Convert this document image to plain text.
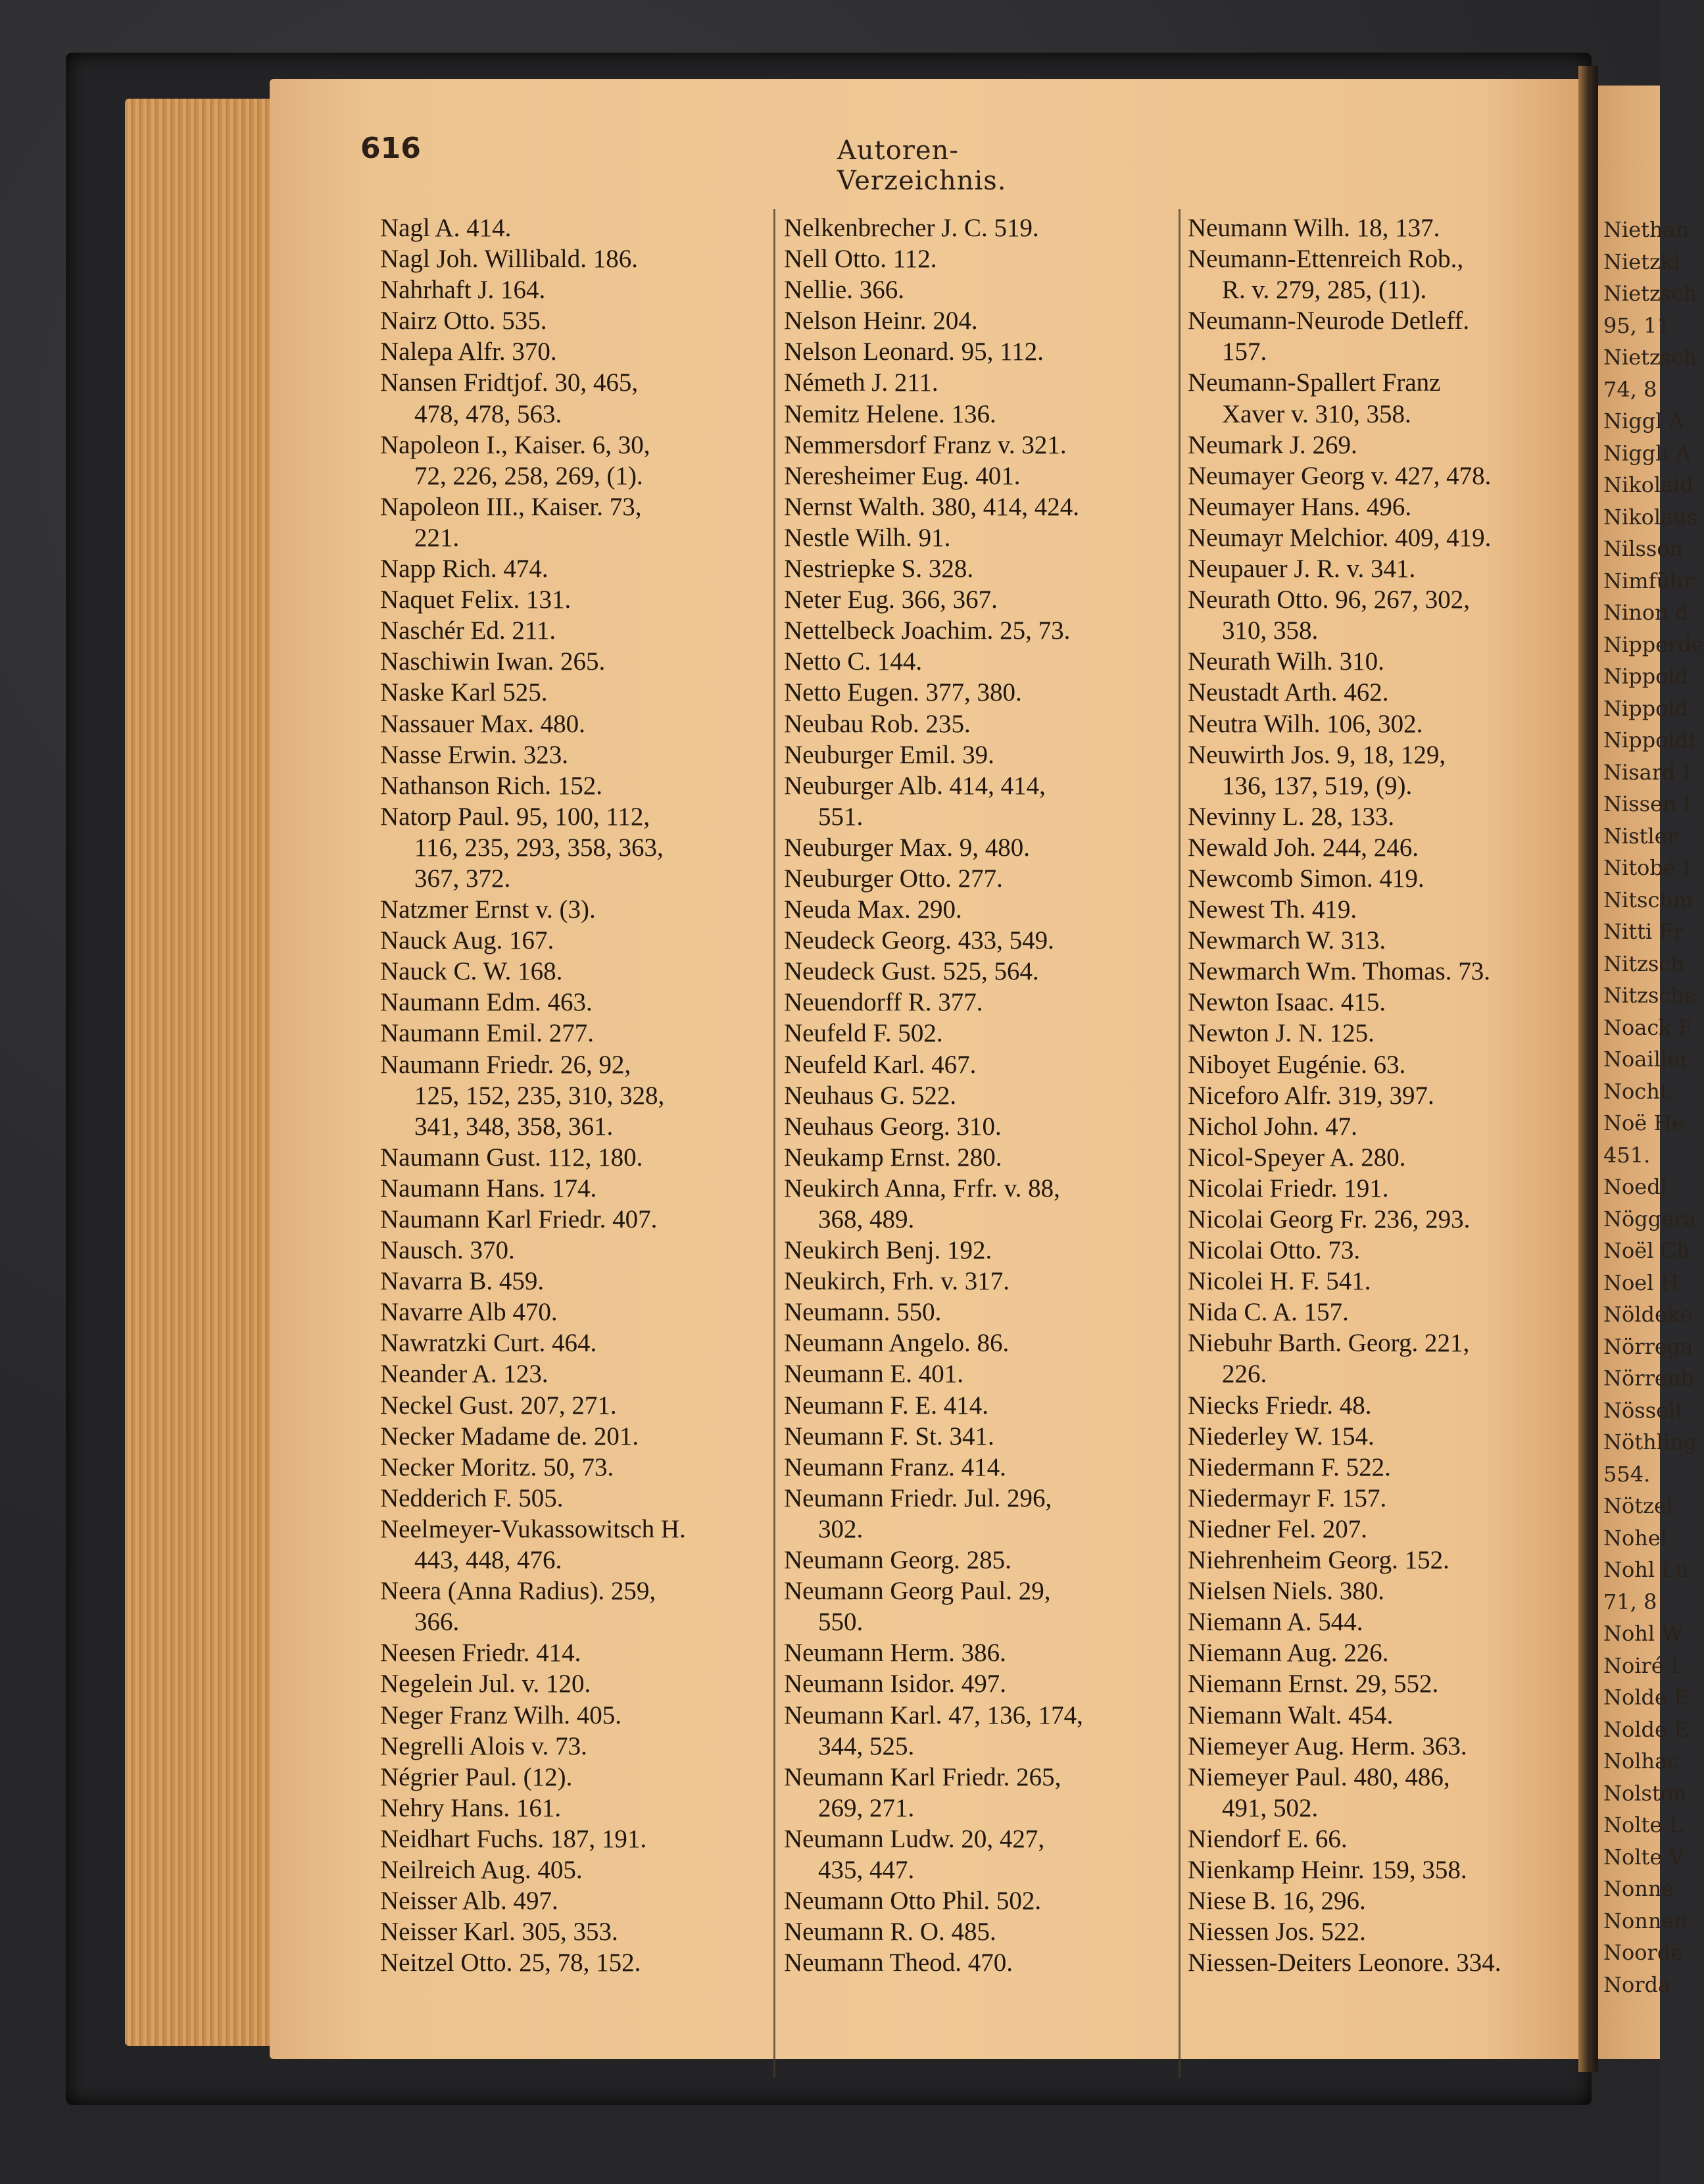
Niethan
Nietzki
Nietzsch
95, 11
Nietzsch
74, 8
Niggl A
Niggli A
Nikolaid
Nikolaus
Nilsson
Nimführ
Ninon d
Nipperde
Nippold
Nippold
Nippoldt
Nisard I
Nissen I
Nistler
Nitobé I
Nitschm
Nitti Fr
Nitzsch
Nitzsche
Noack F
Noailler
Nocht.
Noë He
451.
Noedl
Nöggera
Noël Ch
Noel H
Nöldeke
Nörrega
Nörrenb
Nösselt
Nöthling
554.
Nötzel
Nohel
Nohl Lu
71, 8
Nohl W
Noiré L
Nolde E
Nolde E
Nolhac
Nolston
Nolte L
Nolte V
Nonne
Nonnen
Noorde
Norda
616	Autoren-Verzeichnis.
Nagl A. 414.
Nagl Joh. Willibald. 186.
Nahrhaft J. 164.
Nairz Otto. 535.
Nalepa Alfr. 370.
Nansen Fridtjof. 30, 465,
478, 478, 563.
Napoleon I., Kaiser. 6, 30,
72, 226, 258, 269, (1).
Napoleon III., Kaiser. 73,
221.
Napp Rich. 474.
Naquet Felix. 131.
Naschér Ed. 211.
Naschiwin Iwan. 265.
Naske Karl 525.
Nassauer Max. 480.
Nasse Erwin. 323.
Nathanson Rich. 152.
Natorp Paul. 95, 100, 112,
116, 235, 293, 358, 363,
367, 372.
Natzmer Ernst v. (3).
Nauck Aug. 167.
Nauck C. W. 168.
Naumann Edm. 463.
Naumann Emil. 277.
Naumann Friedr. 26, 92,
125, 152, 235, 310, 328,
341, 348, 358, 361.
Naumann Gust. 112, 180.
Naumann Hans. 174.
Naumann Karl Friedr. 407.
Nausch. 370.
Navarra B. 459.
Navarre Alb 470.
Nawratzki Curt. 464.
Neander A. 123.
Neckel Gust. 207, 271.
Necker Madame de. 201.
Necker Moritz. 50, 73.
Nedderich F. 505.
Neelmeyer-Vukassowitsch H.
443, 448, 476.
Neera (Anna Radius). 259,
366.
Neesen Friedr. 414.
Negelein Jul. v. 120.
Neger Franz Wilh. 405.
Negrelli Alois v. 73.
Négrier Paul. (12).
Nehry Hans. 161.
Neidhart Fuchs. 187, 191.
Neilreich Aug. 405.
Neisser Alb. 497.
Neisser Karl. 305, 353.
Neitzel Otto. 25, 78, 152.
Nelkenbrecher J. C. 519.
Nell Otto. 112.
Nellie. 366.
Nelson Heinr. 204.
Nelson Leonard. 95, 112.
Németh J. 211.
Nemitz Helene. 136.
Nemmersdorf Franz v. 321.
Neresheimer Eug. 401.
Nernst Walth. 380, 414, 424.
Nestle Wilh. 91.
Nestriepke S. 328.
Neter Eug. 366, 367.
Nettelbeck Joachim. 25, 73.
Netto C. 144.
Netto Eugen. 377, 380.
Neubau Rob. 235.
Neuburger Emil. 39.
Neuburger Alb. 414, 414,
551.
Neuburger Max. 9, 480.
Neuburger Otto. 277.
Neuda Max. 290.
Neudeck Georg. 433, 549.
Neudeck Gust. 525, 564.
Neuendorff R. 377.
Neufeld F. 502.
Neufeld Karl. 467.
Neuhaus G. 522.
Neuhaus Georg. 310.
Neukamp Ernst. 280.
Neukirch Anna, Frfr. v. 88,
368, 489.
Neukirch Benj. 192.
Neukirch, Frh. v. 317.
Neumann. 550.
Neumann Angelo. 86.
Neumann E. 401.
Neumann F. E. 414.
Neumann F. St. 341.
Neumann Franz. 414.
Neumann Friedr. Jul. 296,
302.
Neumann Georg. 285.
Neumann Georg Paul. 29,
550.
Neumann Herm. 386.
Neumann Isidor. 497.
Neumann Karl. 47, 136, 174,
344, 525.
Neumann Karl Friedr. 265,
269, 271.
Neumann Ludw. 20, 427,
435, 447.
Neumann Otto Phil. 502.
Neumann R. O. 485.
Neumann Theod. 470.
Neumann Wilh. 18, 137.
Neumann-Ettenreich Rob.,
R. v. 279, 285, (11).
Neumann-Neurode Detleff.
157.
Neumann-Spallert Franz
Xaver v. 310, 358.
Neumark J. 269.
Neumayer Georg v. 427, 478.
Neumayer Hans. 496.
Neumayr Melchior. 409, 419.
Neupauer J. R. v. 341.
Neurath Otto. 96, 267, 302,
310, 358.
Neurath Wilh. 310.
Neustadt Arth. 462.
Neutra Wilh. 106, 302.
Neuwirth Jos. 9, 18, 129,
136, 137, 519, (9).
Nevinny L. 28, 133.
Newald Joh. 244, 246.
Newcomb Simon. 419.
Newest Th. 419.
Newmarch W. 313.
Newmarch Wm. Thomas. 73.
Newton Isaac. 415.
Newton J. N. 125.
Niboyet Eugénie. 63.
Niceforo Alfr. 319, 397.
Nichol John. 47.
Nicol-Speyer A. 280.
Nicolai Friedr. 191.
Nicolai Georg Fr. 236, 293.
Nicolai Otto. 73.
Nicolei H. F. 541.
Nida C. A. 157.
Niebuhr Barth. Georg. 221,
226.
Niecks Friedr. 48.
Niederley W. 154.
Niedermann F. 522.
Niedermayr F. 157.
Niedner Fel. 207.
Niehrenheim Georg. 152.
Nielsen Niels. 380.
Niemann A. 544.
Niemann Aug. 226.
Niemann Ernst. 29, 552.
Niemann Walt. 454.
Niemeyer Aug. Herm. 363.
Niemeyer Paul. 480, 486,
491, 502.
Niendorf E. 66.
Nienkamp Heinr. 159, 358.
Niese B. 16, 296.
Niessen Jos. 522.
Niessen-Deiters Leonore. 334.
